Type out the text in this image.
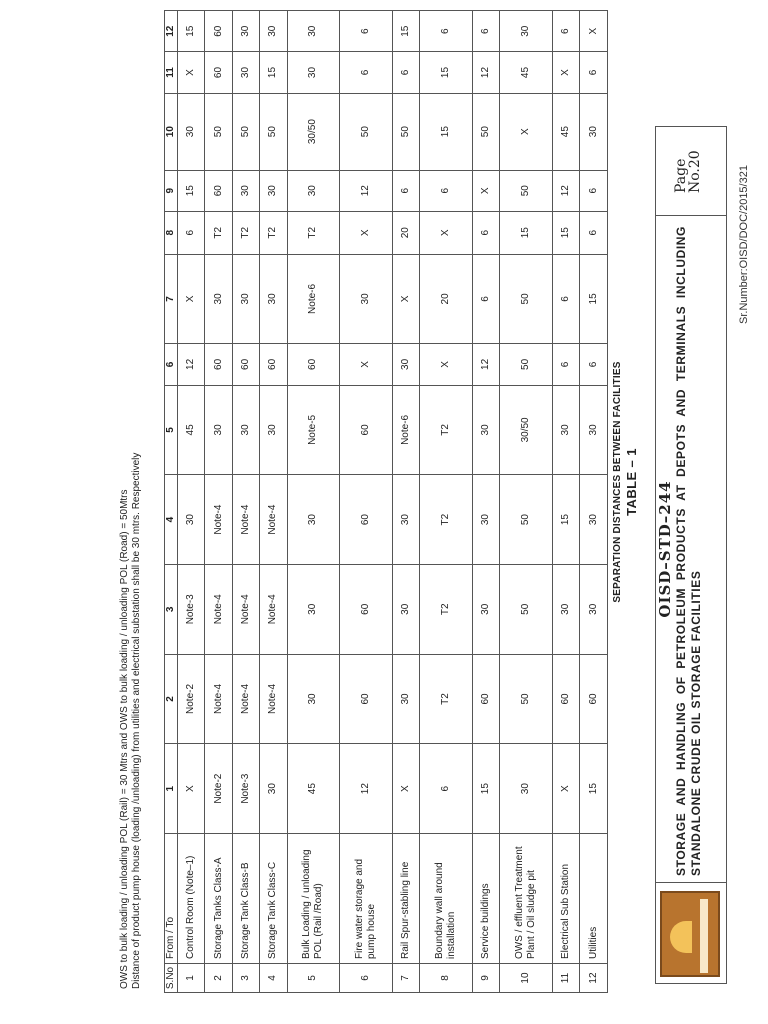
Sr.Number:OISD/DOC/2015/321
OISD–STD–244 STORAGE AND HANDLING OF PETROLEUM PRODUCTS AT DEPOTS AND TERMINALS INCLUDING STANDALONE CRUDE OIL STORAGE FACILITIES
Page
No.20
TABLE – 1
SEPARATION DISTANCES BETWEEN FACILITIES
S.No	From / To	1	2	3	4	5	6	7	8	9	10	11	12
1	Control Room (Note–1)	X	Note-2	Note-3	30	45	12	X	6	15	30	X	15
2	Storage Tanks Class-A	Note-2	Note-4	Note-4	Note-4	30	60	30	T2	60	50	60	60
3	Storage Tank Class-B	Note-3	Note-4	Note-4	Note-4	30	60	30	T2	30	50	30	30
4	Storage Tank Class-C	30	Note-4	Note-4	Note-4	30	60	30	T2	30	50	15	30
5	Bulk Loading / unloading POL (Rail /Road)	45	30	30	30	Note-5	60	Note-6	T2	30	30/50	30	30
6	Fire water storage and pump house	12	60	60	60	60	X	30	X	12	50	6	6
7	Rail Spur-stabling line	X	30	30	30	Note-6	30	X	20	6	50	6	15
8	Boundary wall around installation	6	T2	T2	T2	T2	X	20	X	6	15	15	6
9	Service buildings	15	60	30	30	30	12	6	6	X	50	12	6
10	OWS / effluent Treatment Plant / Oil sludge pit	30	50	50	50	30/50	50	50	15	50	X	45	30
11	Electrical Sub Station	X	60	30	15	30	6	6	15	12	45	X	6
12	Utilities	15	60	30	30	30	6	15	6	6	30	6	X
OWS to bulk loading / unloading POL (Rail) = 30 Mtrs and OWS to bulk loading / unloading POL (Road) = 50Mtrs Distance of product pump house (loading /unloading) from utilities and electrical substation shall be 30 mtrs. Respectively
